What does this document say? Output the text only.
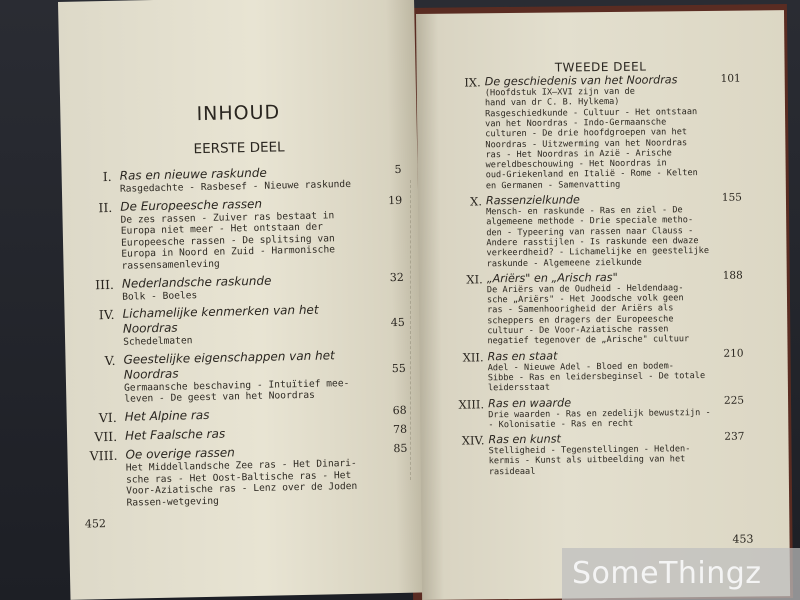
INHOUD
EERSTE DEEL
I. Ras en nieuwe raskunde	5
Rasgedachte - Rasbesef - Nieuwe raskunde
II. De Europeesche rassen	19
De zes rassen - Zuiver ras bestaat in
Europa niet meer - Het ontstaan der
Europeesche rassen - De splitsing van
Europa in Noord en Zuid - Harmonische
rassensamenleving
III. Nederlandsche raskunde	32
Bolk - Boeles
IV. Lichamelijke kenmerken van het
Noordras	45
Schedelmaten
V. Geestelijke eigenschappen van het
Noordras	55
Germaansche beschaving - Intuïtief mee-
leven - De geest van het Noordras
VI. Het Alpine ras	68
VII. Het Faalsche ras	78
VIII. Oe overige rassen	85
Het Middellandsche Zee ras - Het Dinari-
sche ras - Het Oost-Baltische ras - Het
Voor-Aziatische ras - Lenz over de Joden
Rassen-wetgeving
452
TWEEDE DEEL
IX. De geschiedenis van het Noordras	101
(Hoofdstuk IX—XVI zijn van de
hand van dr C. B. Hylkema)
Rasgeschiedkunde - Cultuur - Het ontstaan
van het Noordras - Indo-Germaansche
culturen - De drie hoofdgroepen van het
Noordras - Uitzwerming van het Noordras
ras - Het Noordras in Azië - Arische
wereldbeschouwing - Het Noordras in
oud-Griekenland en Italië - Rome - Kelten
en Germanen - Samenvatting
X. Rassenzielkunde	155
Mensch- en raskunde - Ras en ziel - De
algemeene methode - Drie speciale metho-
den - Typeering van rassen naar Clauss -
Andere rasstijlen - Is raskunde een dwaze
verkeerdheid? - Lichamelijke en geestelijke
raskunde - Algemeene zielkunde
XI. „Ariërs" en „Arisch ras"	188
De Ariërs van de Oudheid - Heldendaag-
sche „Ariërs" - Het Joodsche volk geen
ras - Samenhoorigheid der Ariërs als
scheppers en dragers der Europeesche
cultuur - De Voor-Aziatische rassen
negatief tegenover de „Arische" cultuur
XII. Ras en staat	210
Adel - Nieuwe Adel - Bloed en bodem-
Sibbe - Ras en leidersbeginsel - De totale
leidersstaat
XIII. Ras en waarde	225
Drie waarden - Ras en zedelijk bewustzijn -
- Kolonisatie - Ras en recht
XIV. Ras en kunst	237
Stelligheid - Tegenstellingen - Helden-
kermis - Kunst als uitbeelding van het
rasideaal
453
SomeThingz
